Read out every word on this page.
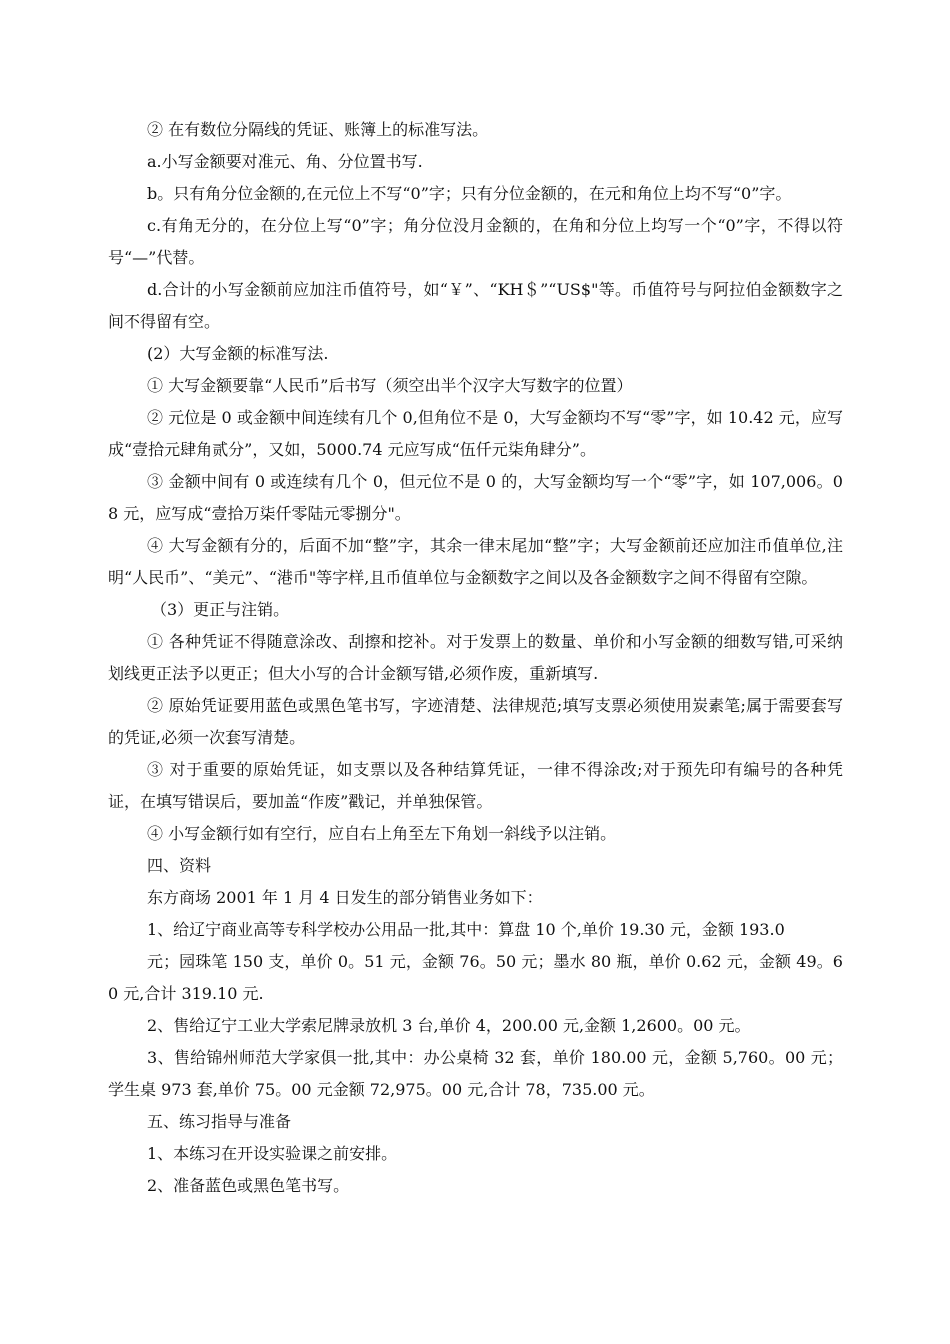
② 在有数位分隔线的凭证、账簿上的标准写法。

a.小写金额要对准元、角、分位置书写.

b。只有角分位金额的,在元位上不写“0”字；只有分位金额的，在元和角位上均不写“0”字。

c.有角无分的，在分位上写“0”字；角分位没月金额的，在角和分位上均写一个“0”字，不得以符号“—”代替。

d.合计的小写金额前应加注币值符号，如“￥”、“KH＄”“US$"等。币值符号与阿拉伯金额数字之间不得留有空。

(2）大写金额的标准写法.

① 大写金额要靠“人民币”后书写（须空出半个汉字大写数字的位置）

② 元位是 0 或金额中间连续有几个 0,但角位不是 0，大写金额均不写“零”字，如 10.42 元，应写成“壹拾元肆角贰分”，又如，5000.74 元应写成“伍仟元柒角肆分”。

③ 金额中间有 0 或连续有几个 0，但元位不是 0 的，大写金额均写一个“零”字，如 107,006。08 元，应写成“壹拾万柒仟零陆元零捌分"。

④ 大写金额有分的，后面不加“整”字，其余一律末尾加“整”字；大写金额前还应加注币值单位,注明“人民币”、“美元”、“港币"等字样,且币值单位与金额数字之间以及各金额数字之间不得留有空隙。

（3）更正与注销。

① 各种凭证不得随意涂改、刮擦和挖补。对于发票上的数量、单价和小写金额的细数写错,可采纳划线更正法予以更正；但大小写的合计金额写错,必须作废，重新填写.

② 原始凭证要用蓝色或黑色笔书写，字迹清楚、法律规范;填写支票必须使用炭素笔;属于需要套写的凭证,必须一次套写清楚。

③ 对于重要的原始凭证，如支票以及各种结算凭证，一律不得涂改;对于预先印有编号的各种凭证，在填写错误后，要加盖“作废”戳记，并单独保管。

④ 小写金额行如有空行，应自右上角至左下角划一斜线予以注销。

四、资料

东方商场 2001 年 1 月 4 日发生的部分销售业务如下：

1、给辽宁商业高等专科学校办公用品一批,其中：算盘 10 个,单价 19.30 元，金额 193.0

元；园珠笔 150 支，单价 0。51 元，金额 76。50 元；墨水 80 瓶，单价 0.62 元，金额 49。60 元,合计 319.10 元.

2、售给辽宁工业大学索尼牌录放机 3 台,单价 4，200.00 元,金额 1,2600。00 元。

3、售给锦州师范大学家俱一批,其中：办公桌椅 32 套，单价 180.00 元，金额 5,760。00 元；学生桌 973 套,单价 75。00 元金额 72,975。00 元,合计 78，735.00 元。

五、练习指导与准备

1、本练习在开设实验课之前安排。

2、准备蓝色或黑色笔书写。
